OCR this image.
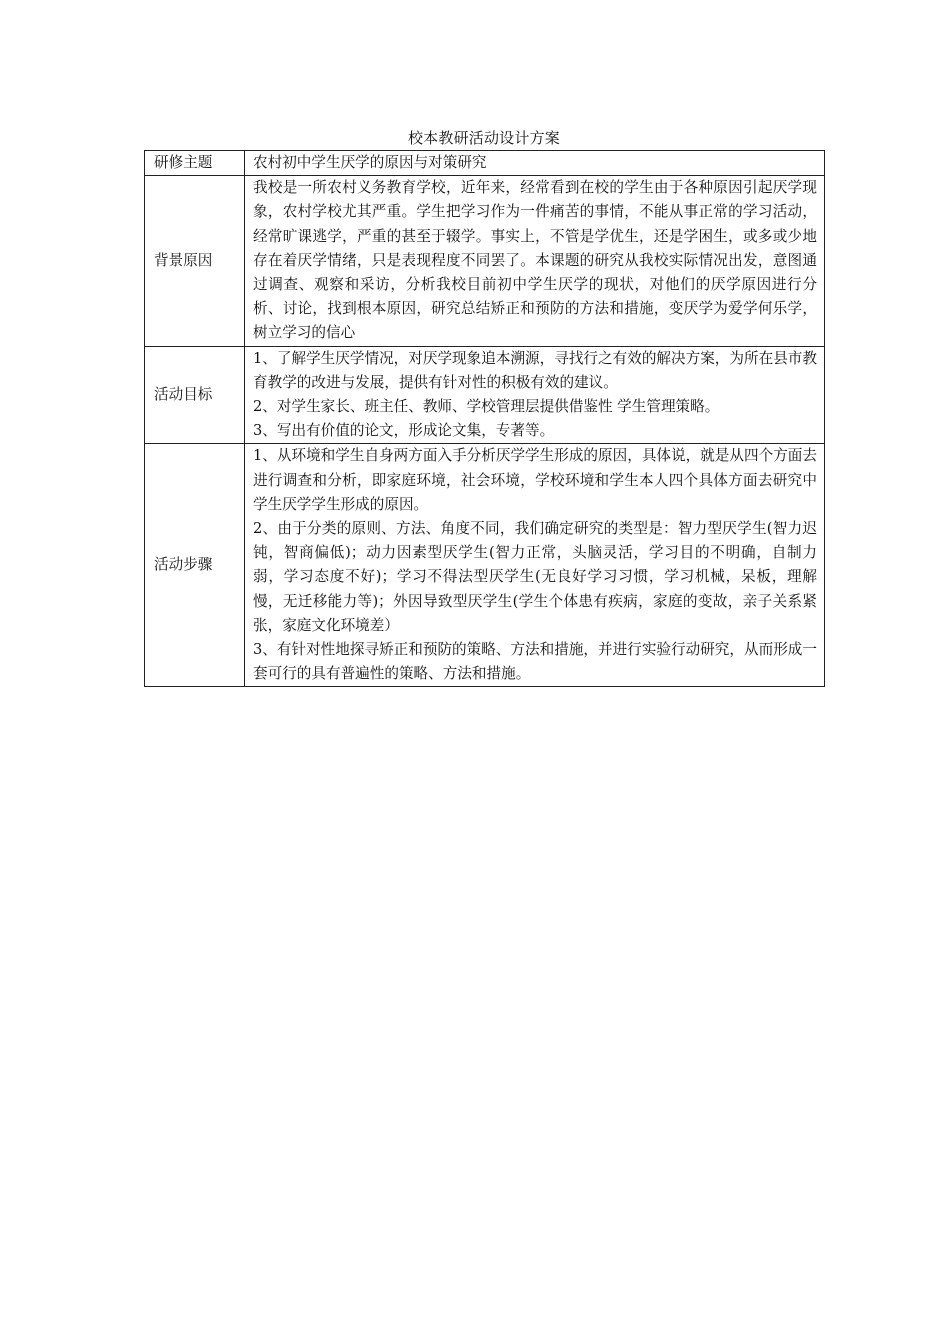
校本教研活动设计方案
研修主题	农村初中学生厌学的原因与对策研究

背景原因	我校是一所农村义务教育学校，近年来，经常看到在校的学生由于各种原因引起厌学现象，农村学校尤其严重。学生把学习作为一件痛苦的事情，不能从事正常的学习活动，经常旷课逃学，严重的甚至于辍学。事实上，不管是学优生，还是学困生，或多或少地存在着厌学情绪，只是表现程度不同罢了。本课题的研究从我校实际情况出发，意图通过调查、观察和采访，分析我校目前初中学生厌学的现状，对他们的厌学原因进行分析、讨论，找到根本原因，研究总结矫正和预防的方法和措施，变厌学为爱学何乐学，树立学习的信心

活动目标	1、了解学生厌学情况，对厌学现象追本溯源，寻找行之有效的解决方案，为所在县市教育教学的改进与发展，提供有针对性的积极有效的建议。
2、对学生家长、班主任、教师、学校管理层提供借鉴性 学生管理策略。
3、写出有价值的论文，形成论文集，专著等。

活动步骤	1、从环境和学生自身两方面入手分析厌学学生形成的原因，具体说，就是从四个方面去进行调查和分析，即家庭环境，社会环境，学校环境和学生本人四个具体方面去研究中学生厌学学生形成的原因。
2、由于分类的原则、方法、角度不同，我们确定研究的类型是：智力型厌学生(智力迟钝，智商偏低)；动力因素型厌学生(智力正常，头脑灵活，学习目的不明确，自制力弱，学习态度不好)；学习不得法型厌学生(无良好学习习惯，学习机械，呆板，理解慢，无迁移能力等)；外因导致型厌学生(学生个体患有疾病，家庭的变故，亲子关系紧张，家庭文化环境差）
3、有针对性地探寻矫正和预防的策略、方法和措施，并进行实验行动研究，从而形成一套可行的具有普遍性的策略、方法和措施。
